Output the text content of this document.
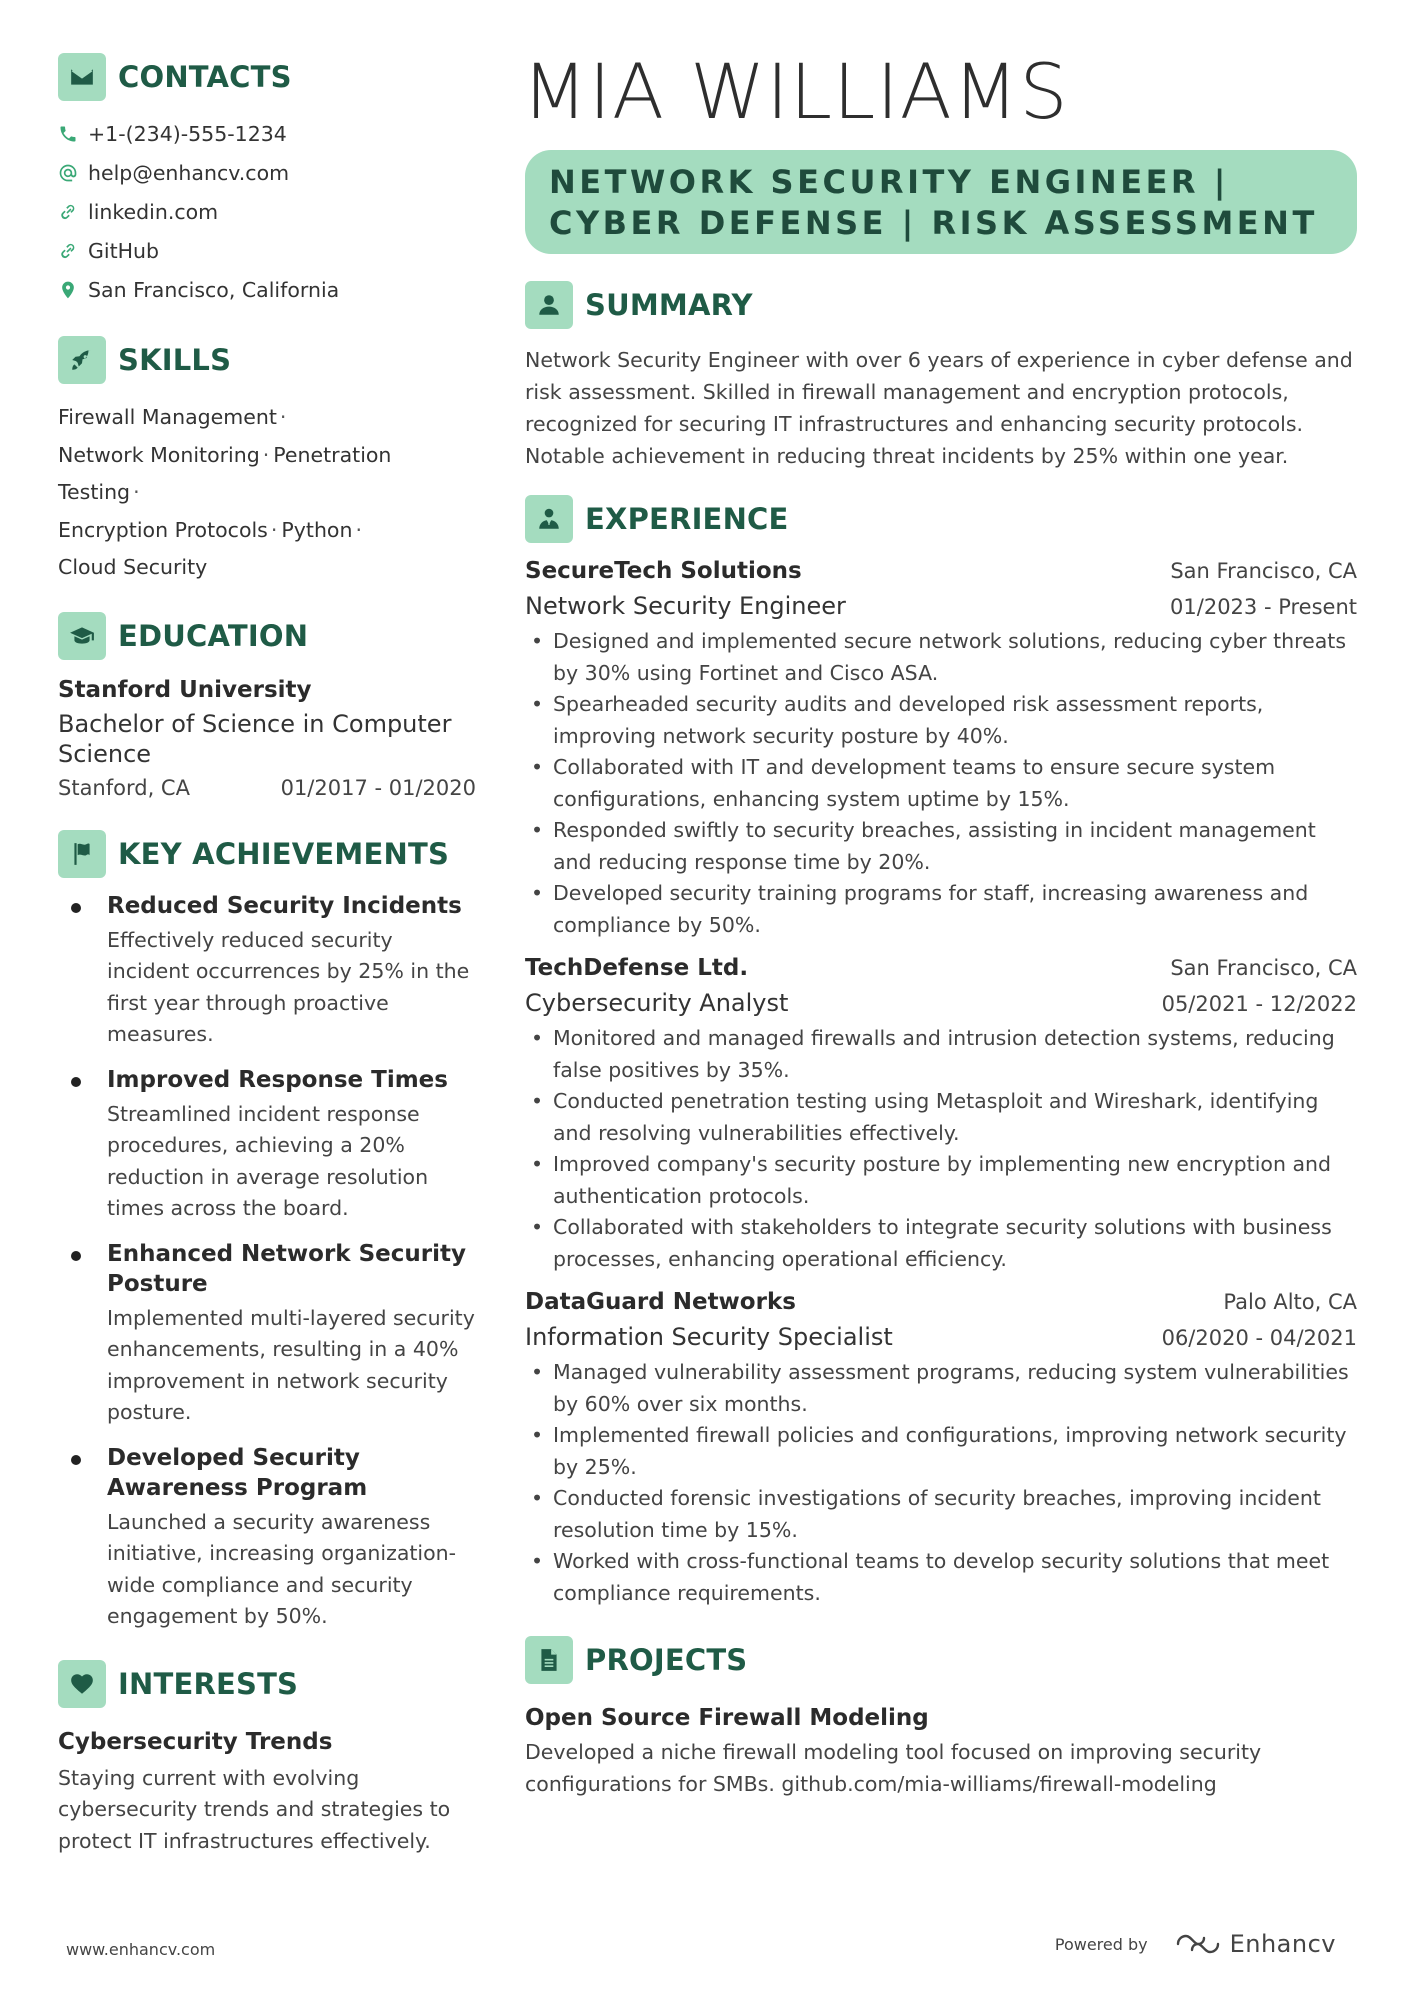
CONTACTS
+1-(234)-555-1234
help@enhancv.com
linkedin.com
GitHub
San Francisco, California
SKILLS
Firewall Management ·
Network Monitoring · Penetration Testing ·
Encryption Protocols · Python ·
Cloud Security
EDUCATION
Stanford University
Bachelor of Science in Computer Science
Stanford, CA	01/2017 - 01/2020
KEY ACHIEVEMENTS
Reduced Security Incidents
Effectively reduced security incident occurrences by 25% in the first year through proactive measures.
Improved Response Times
Streamlined incident response procedures, achieving a 20% reduction in average resolution times across the board.
Enhanced Network Security Posture
Implemented multi-layered security enhancements, resulting in a 40% improvement in network security posture.
Developed Security Awareness Program
Launched a security awareness initiative, increasing organization-wide compliance and security engagement by 50%.
INTERESTS
Cybersecurity Trends
Staying current with evolving cybersecurity trends and strategies to protect IT infrastructures effectively.
MIA WILLIAMS
NETWORK SECURITY ENGINEER | CYBER DEFENSE | RISK ASSESSMENT
SUMMARY
Network Security Engineer with over 6 years of experience in cyber defense and risk assessment. Skilled in firewall management and encryption protocols, recognized for securing IT infrastructures and enhancing security protocols. Notable achievement in reducing threat incidents by 25% within one year.
EXPERIENCE
SecureTech Solutions	San Francisco, CA
Network Security Engineer	01/2023 - Present
• Designed and implemented secure network solutions, reducing cyber threats by 30% using Fortinet and Cisco ASA.
• Spearheaded security audits and developed risk assessment reports, improving network security posture by 40%.
• Collaborated with IT and development teams to ensure secure system configurations, enhancing system uptime by 15%.
• Responded swiftly to security breaches, assisting in incident management and reducing response time by 20%.
• Developed security training programs for staff, increasing awareness and compliance by 50%.
TechDefense Ltd.	San Francisco, CA
Cybersecurity Analyst	05/2021 - 12/2022
• Monitored and managed firewalls and intrusion detection systems, reducing false positives by 35%.
• Conducted penetration testing using Metasploit and Wireshark, identifying and resolving vulnerabilities effectively.
• Improved company's security posture by implementing new encryption and authentication protocols.
• Collaborated with stakeholders to integrate security solutions with business processes, enhancing operational efficiency.
DataGuard Networks	Palo Alto, CA
Information Security Specialist	06/2020 - 04/2021
• Managed vulnerability assessment programs, reducing system vulnerabilities by 60% over six months.
• Implemented firewall policies and configurations, improving network security by 25%.
• Conducted forensic investigations of security breaches, improving incident resolution time by 15%.
• Worked with cross-functional teams to develop security solutions that meet compliance requirements.
PROJECTS
Open Source Firewall Modeling
Developed a niche firewall modeling tool focused on improving security configurations for SMBs. github.com/mia-williams/firewall-modeling
www.enhancv.com	Powered by	Enhancv
